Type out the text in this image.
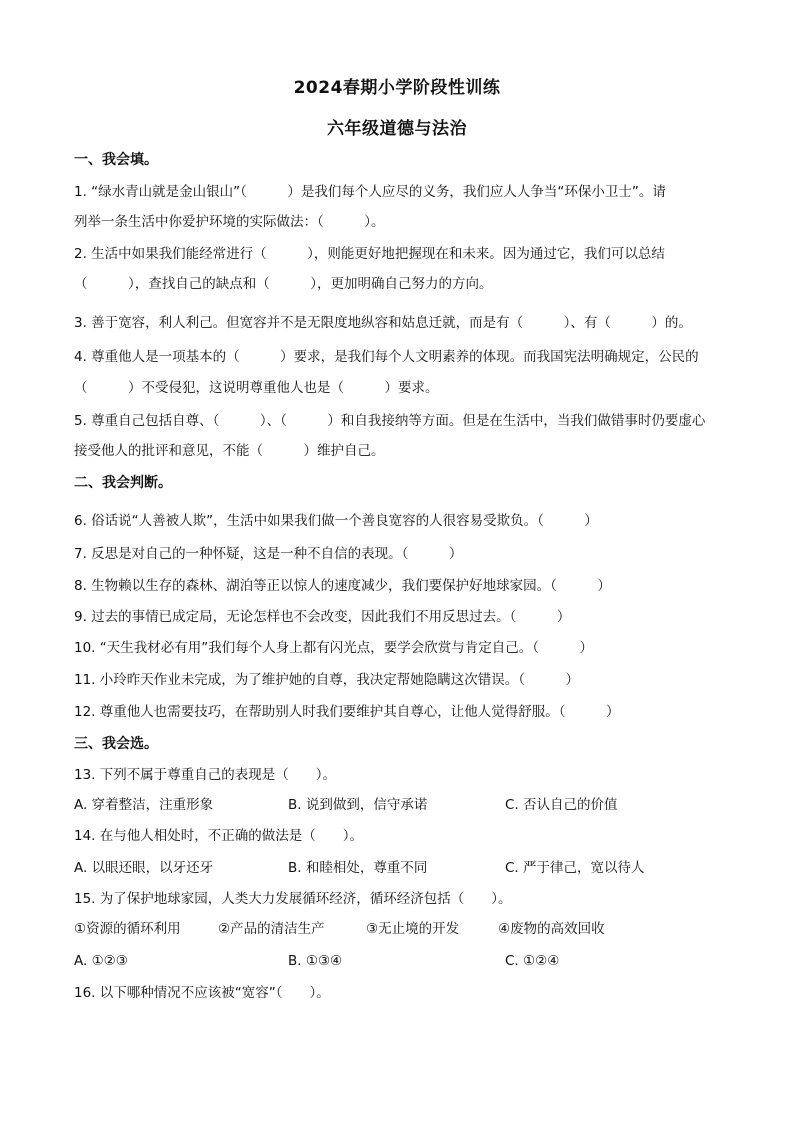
2024春期小学阶段性训练
六年级道德与法治
一、我会填。
1. “绿水青山就是金山银山”（　　　）是我们每个人应尽的义务，我们应人人争当“环保小卫士”。请
列举一条生活中你爱护环境的实际做法：（　　　）。
2. 生活中如果我们能经常进行（　　　），则能更好地把握现在和未来。因为通过它，我们可以总结
（　　　），查找自己的缺点和（　　　），更加明确自己努力的方向。
3. 善于宽容，利人利己。但宽容并不是无限度地纵容和姑息迁就，而是有（　　　）、有（　　　）的。
4. 尊重他人是一项基本的（　　　）要求，是我们每个人文明素养的体现。而我国宪法明确规定，公民的
（　　　）不受侵犯，这说明尊重他人也是（　　　）要求。
5. 尊重自己包括自尊、（　　　）、（　　　）和自我接纳等方面。但是在生活中，当我们做错事时仍要虚心
接受他人的批评和意见，不能（　　　）维护自己。
二、我会判断。
6. 俗话说“人善被人欺”，生活中如果我们做一个善良宽容的人很容易受欺负。（　　　）
7. 反思是对自己的一种怀疑，这是一种不自信的表现。（　　　）
8. 生物赖以生存的森林、湖泊等正以惊人的速度减少，我们要保护好地球家园。（　　　）
9. 过去的事情已成定局，无论怎样也不会改变，因此我们不用反思过去。（　　　）
10. “天生我材必有用”我们每个人身上都有闪光点，要学会欣赏与肯定自己。（　　　）
11. 小玲昨天作业未完成，为了维护她的自尊，我决定帮她隐瞒这次错误。（　　　）
12. 尊重他人也需要技巧，在帮助别人时我们要维护其自尊心，让他人觉得舒服。（　　　）
三、我会选。
13. 下列不属于尊重自己的表现是（　　）。
A. 穿着整洁，注重形象	B. 说到做到，信守承诺	C. 否认自己的价值
14. 在与他人相处时，不正确的做法是（　　）。
A. 以眼还眼，以牙还牙	B. 和睦相处，尊重不同	C. 严于律己，宽以待人
15. 为了保护地球家园，人类大力发展循环经济，循环经济包括（　　）。
①资源的循环利用	②产品的清洁生产	③无止境的开发	④废物的高效回收
A. ①②③	B. ①③④	C. ①②④
16. 以下哪种情况不应该被“宽容”（　　）。
